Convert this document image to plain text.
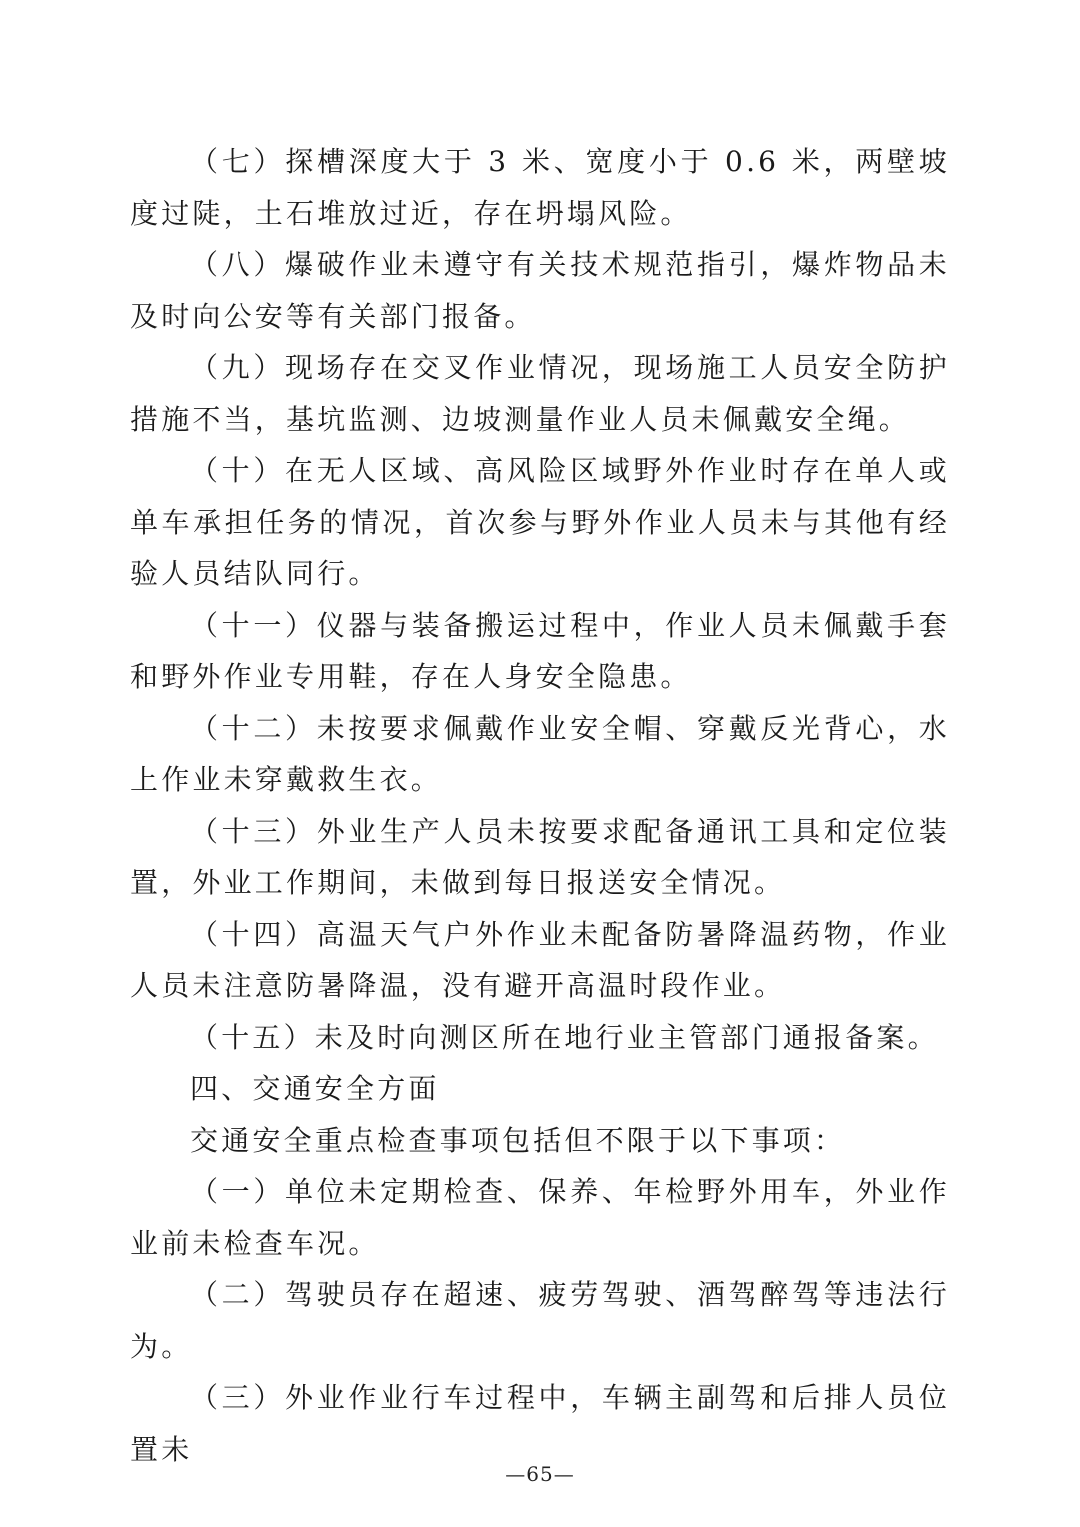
（七）探槽深度大于 3 米、宽度小于 0.6 米，两壁坡度过陡，土石堆放过近，存在坍塌风险。

（八）爆破作业未遵守有关技术规范指引，爆炸物品未及时向公安等有关部门报备。

（九）现场存在交叉作业情况，现场施工人员安全防护措施不当，基坑监测、边坡测量作业人员未佩戴安全绳。

（十）在无人区域、高风险区域野外作业时存在单人或单车承担任务的情况，首次参与野外作业人员未与其他有经验人员结队同行。

（十一）仪器与装备搬运过程中，作业人员未佩戴手套和野外作业专用鞋，存在人身安全隐患。

（十二）未按要求佩戴作业安全帽、穿戴反光背心，水上作业未穿戴救生衣。

（十三）外业生产人员未按要求配备通讯工具和定位装置，外业工作期间，未做到每日报送安全情况。

（十四）高温天气户外作业未配备防暑降温药物，作业人员未注意防暑降温，没有避开高温时段作业。

（十五）未及时向测区所在地行业主管部门通报备案。

四、交通安全方面

交通安全重点检查事项包括但不限于以下事项：

（一）单位未定期检查、保养、年检野外用车，外业作业前未检查车况。

（二）驾驶员存在超速、疲劳驾驶、酒驾醉驾等违法行为。

（三）外业作业行车过程中，车辆主副驾和后排人员位置未

—65—
